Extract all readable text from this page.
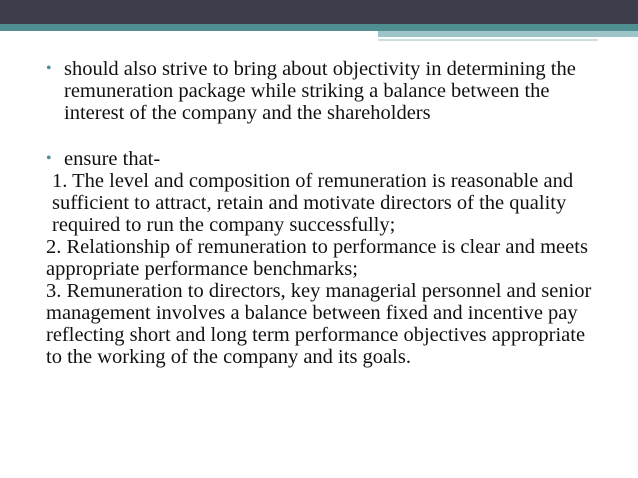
• should also strive to bring about objectivity in determining the remuneration package while striking a balance between the interest of the company and the shareholders
• ensure that-

1. The level and composition of remuneration is reasonable and sufficient to attract, retain and motivate directors of the quality required to run the company successfully;

2. Relationship of remuneration to performance is clear and meets appropriate performance benchmarks;

3. Remuneration to directors, key managerial personnel and senior management involves a balance between fixed and incentive pay reflecting short and long term performance objectives appropriate to the working of the company and its goals.
